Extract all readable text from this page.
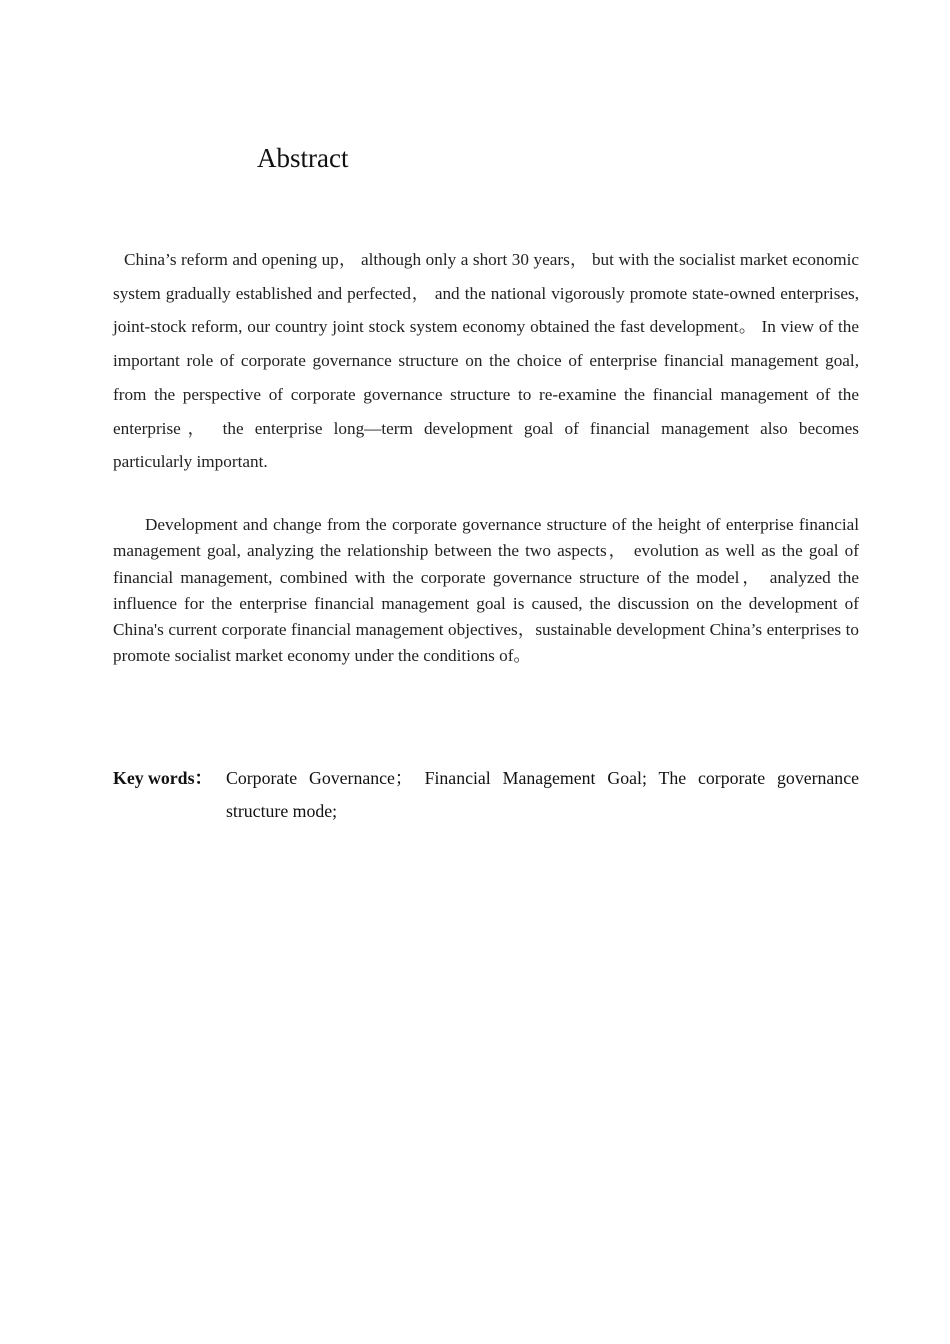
Abstract

China’s reform and opening up， although only a short 30 years， but with the socialist market economic system gradually established and perfected， and the national vigorously promote state-owned enterprises, joint-stock reform, our country joint stock system economy obtained the fast development。 In view of the important role of corporate governance structure on the choice of enterprise financial management goal, from the perspective of corporate governance structure to re-examine the financial management of the enterprise， the enterprise long—term development goal of financial management also becomes particularly important.

Development and change from the corporate governance structure of the height of enterprise financial management goal, analyzing the relationship between the two aspects， evolution as well as the goal of financial management, combined with the corporate governance structure of the model， analyzed the influence for the enterprise financial management goal is caused, the discussion on the development of China's current corporate financial management objectives，sustainable development China’s enterprises to promote socialist market economy under the conditions of。

Key words： Corporate Governance； Financial Management Goal; The corporate governance structure mode;
